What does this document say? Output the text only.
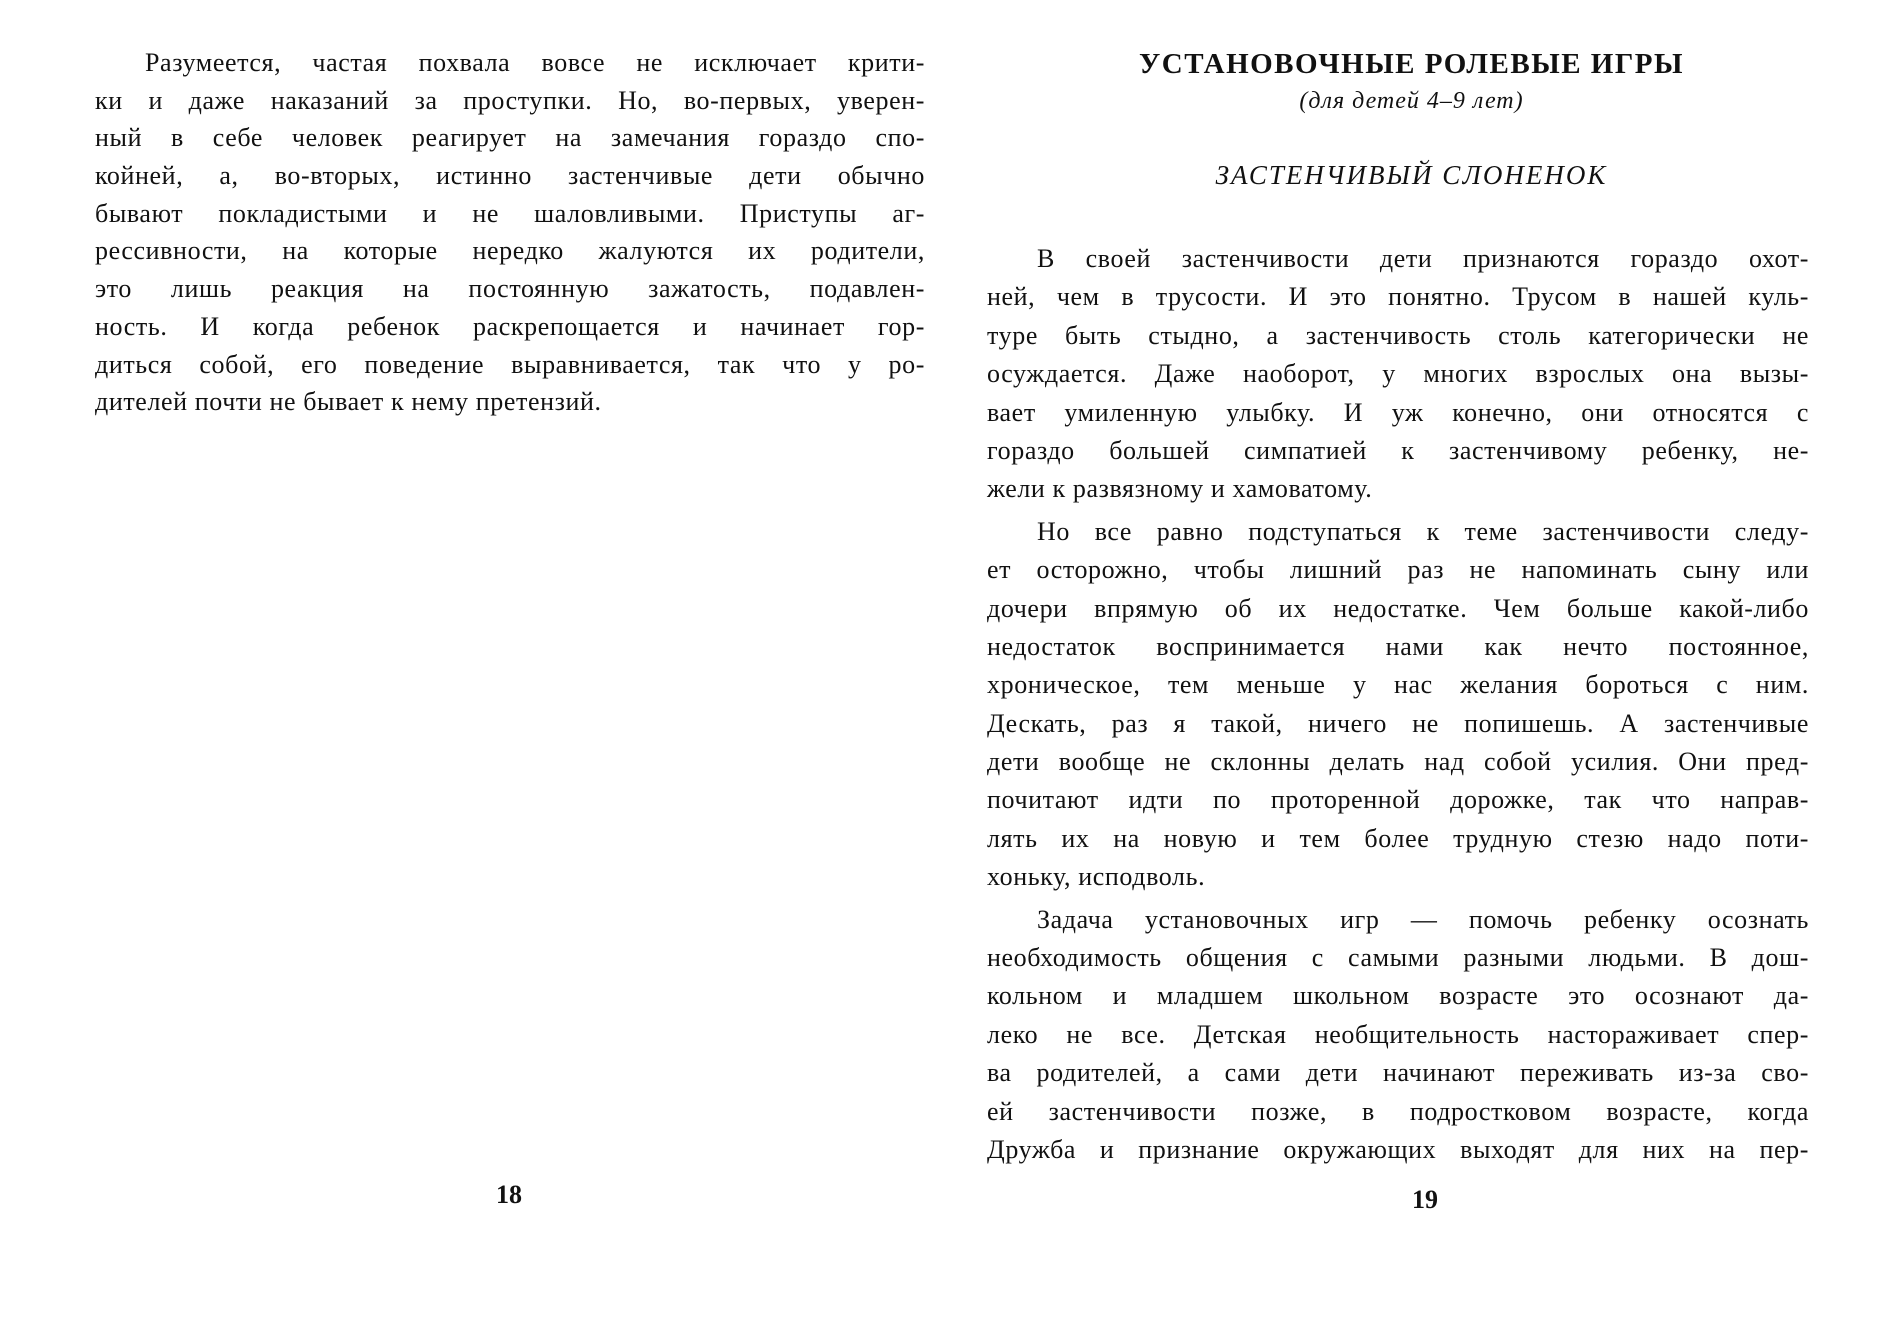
Разумеется, частая похвала вовсе не исключает крити-
ки и даже наказаний за проступки. Но, во-первых, уверен-
ный в себе человек реагирует на замечания гораздо спо-
койней, а, во-вторых, истинно застенчивые дети обычно
бывают покладистыми и не шаловливыми. Приступы аг-
рессивности, на которые нередко жалуются их родители,
это лишь реакция на постоянную зажатость, подавлен-
ность. И когда ребенок раскрепощается и начинает гор-
диться собой, его поведение выравнивается, так что у ро-
дителей почти не бывает к нему претензий.
18
УСТАНОВОЧНЫЕ РОЛЕВЫЕ ИГРЫ
(для детей 4–9 лет)
ЗАСТЕНЧИВЫЙ СЛОНЕНОК
В своей застенчивости дети признаются гораздо охот-
ней, чем в трусости. И это понятно. Трусом в нашей куль-
туре быть стыдно, а застенчивость столь категорически не
осуждается. Даже наоборот, у многих взрослых она вызы-
вает умиленную улыбку. И уж конечно, они относятся с
гораздо большей симпатией к застенчивому ребенку, не-
жели к развязному и хамоватому.
Но все равно подступаться к теме застенчивости следу-
ет осторожно, чтобы лишний раз не напоминать сыну или
дочери впрямую об их недостатке. Чем больше какой-либо
недостаток воспринимается нами как нечто постоянное,
хроническое, тем меньше у нас желания бороться с ним.
Дескать, раз я такой, ничего не попишешь. А застенчивые
дети вообще не склонны делать над собой усилия. Они пред-
почитают идти по проторенной дорожке, так что направ-
лять их на новую и тем более трудную стезю надо поти-
хоньку, исподволь.
Задача установочных игр — помочь ребенку осознать
необходимость общения с самыми разными людьми. В дош-
кольном и младшем школьном возрасте это осознают да-
леко не все. Детская необщительность настораживает спер-
ва родителей, а сами дети начинают переживать из-за сво-
ей застенчивости позже, в подростковом возрасте, когда
Дружба и признание окружающих выходят для них на пер-
19
